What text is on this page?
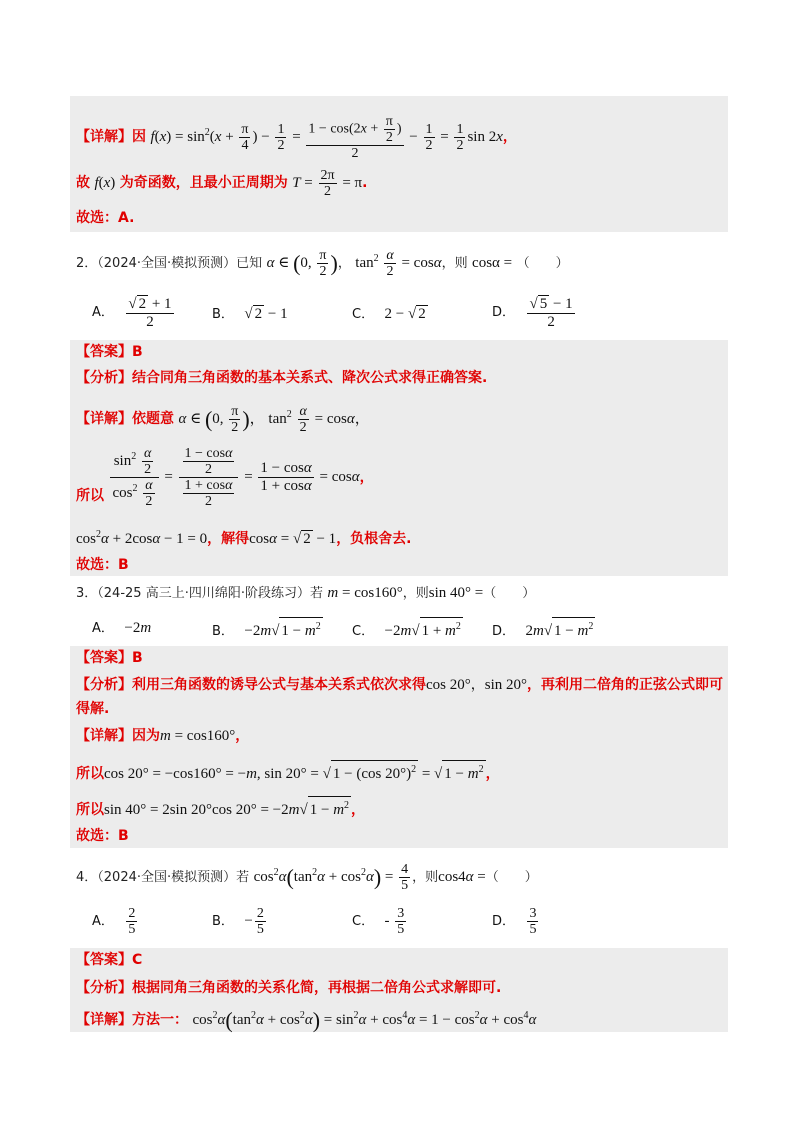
【详解】因 $f(x) = \sin^2(x + \frac{\pi}{4}$ ) − $\frac{1}{2} = \frac{1 - \cos(2x + \frac{\pi}{2} )}{2} - \frac{1}{2} = \frac{1}{2}$ sin 2x，
故 f(x) 为奇函数，且最小正周期为 $T = \frac{2\pi}{2} = \pi$.
故选：A.
2．（2024·全国·模拟预测）已知 α ∈ (0, $\frac{\pi}{2}$ )， $\tan^2 \frac{\alpha}{2} = \cos\alpha$，则 cosα = （　　）
A． $\frac{√ 2 + 1}{2}$	B． √ 2 − 1	C． 2 − √ 2	D． $\frac{√ 5 - 1}{2}$
【答案】B
【分析】结合同角三角函数的基本关系式、降次公式求得正确答案.
【详解】依题意 α ∈ (0, $\frac{\pi}{2}$ )， $\tan^2 \frac{\alpha}{2} = \cos\alpha$，
所以 $\frac{\sin^2 \frac{\alpha}{2}}{\cos^2 \frac{\alpha}{2}} = \frac{\frac{1 - \cos\alpha}{2}}{\frac{1 + \cos\alpha}{2}} = \frac{1 - \cos\alpha}{1 + \cos\alpha} = \cos\alpha$，
$\cos^2\alpha + 2\cos\alpha - 1 = 0$，解得cosα = √ 2 − 1，负根舍去.
故选：B
3．（24-25 高三上·四川绵阳·阶段练习）若 m = cos160°，则sin 40° =（　　）
A． −2m	B． −2m√ $1 - m^2$ C． −2m√ $1 + m^2$ D． 2m√ $1 - m^2$
【答案】B
【分析】利用三角函数的诱导公式与基本关系式依次求得cos 20°，sin 20°，再利用二倍角的正弦公式即可
得解.
【详解】因为m = cos160°，
所以cos 20° = −cos160° = −m, sin 20° = √ 1 − (cos 20°)$^2$ = √ $1 - m^2$ ，
所以sin 40° = 2sin 20°cos 20° = −2m√ $1 - m^2$ ，
故选：B
4．（2024·全国·模拟预测）若 $\cos^2\alpha(\tan^2\alpha + \cos^2\alpha) = \frac{4}{5}$ ，则cos4α =（　　）
A． $\frac{2}{5}$	B． − $\frac{2}{5}$	C． - $\frac{3}{5}$	D． $\frac{3}{5}$
【答案】C
【分析】根据同角三角函数的关系化简，再根据二倍角公式求解即可.
【详解】方法一： $\cos^2\alpha(\tan^2\alpha + \cos^2\alpha) = \sin^2\alpha + \cos^4\alpha = 1 - \cos^2\alpha + \cos^4\alpha$
